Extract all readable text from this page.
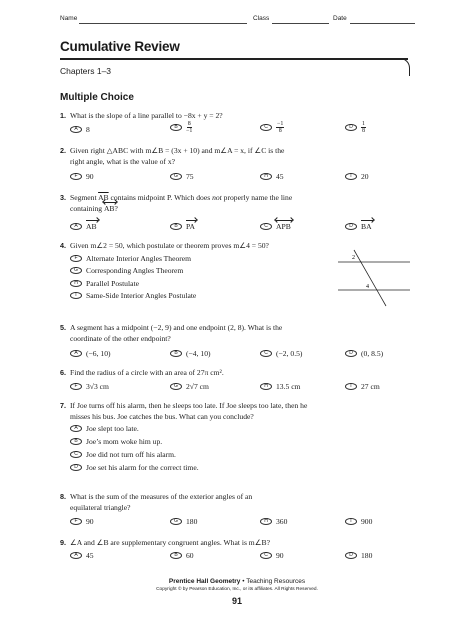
Name	Class	Date
Cumulative Review
Chapters 1–3
Multiple Choice
1. What is the slope of a line parallel to −8x + y = 2?
A	8	B	$\frac{8}{-1}$	C	$\frac{-1}{8}$	D	$\frac{1}{8}$
2. Given right △ABC with m∠B = (3x + 10) and m∠A = x, if ∠C is the
right angle, what is the value of x?
F	90	G	75	H	45	I	20
3. Segment $\overline{AB}$ contains midpoint P. Which does not properly name the line
containing
AB?
A	AB	B	PA	C	APB	D	BA
4. Given m∠2 = 50, which postulate or theorem proves m∠4 = 50?
F	Alternate Interior Angles Theorem
G	Corresponding Angles Theorem
H	Parallel Postulate
I	Same-Side Interior Angles Postulate
2
4
5. A segment has a midpoint (−2, 9) and one endpoint (2, 8). What is the
coordinate of the other endpoint?
A	(−6, 10)	B	(−4, 10)	C	(−2, 0.5)	D	(0, 8.5)
6. Find the radius of a circle with an area of 27π cm².
F	3√3 cm	G	2√7 cm	H	13.5 cm	I	27 cm
7. If Joe turns off his alarm, then he sleeps too late. If Joe sleeps too late, then he
misses his bus. Joe catches the bus. What can you conclude?
A	Joe slept too late.
B	Joe’s mom woke him up.
C	Joe did not turn off his alarm.
D	Joe set his alarm for the correct time.
8. What is the sum of the measures of the exterior angles of an
equilateral triangle?
F	90	G	180	H	360	I	900
9. ∠A and ∠B are supplementary congruent angles. What is m∠B?
A	45	B	60	C	90	D	180
Prentice Hall Geometry • Teaching Resources
Copyright © by Pearson Education, Inc., or its affiliates. All Rights Reserved.
91
